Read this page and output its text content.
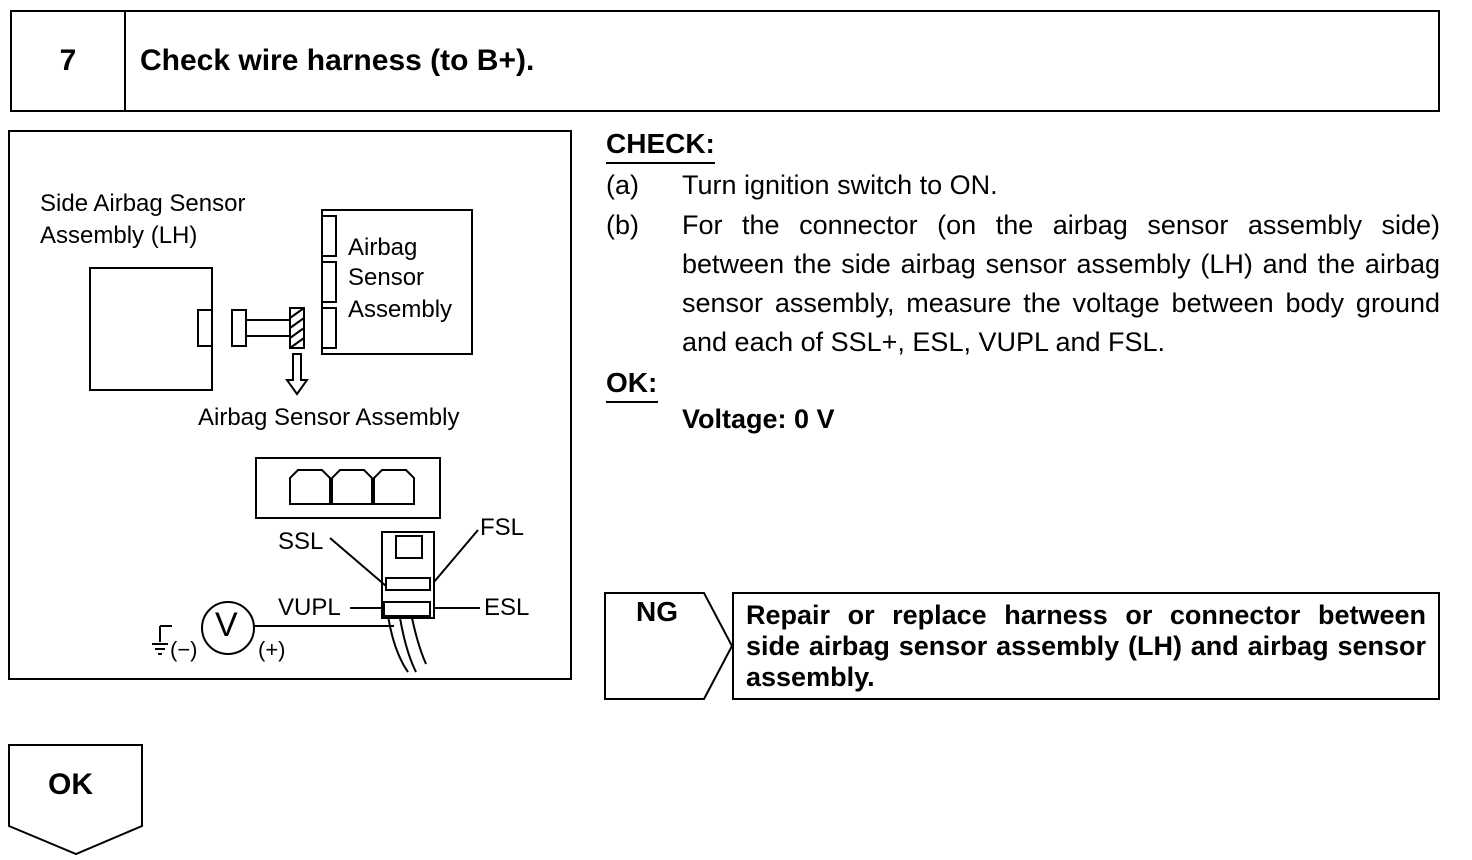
7	Check wire harness (to B+).
Side Airbag Sensor
Assembly (LH)	Airbag
Sensor
Assembly
Airbag Sensor Assembly
SSL
FSL
VUPL	ESL
(−)	(+)
V
CHECK:
(a) Turn ignition switch to ON.
(b) For the connector (on the airbag sensor assembly side) between the side airbag sensor assembly (LH) and the airbag sensor assembly, measure the voltage between body ground and each of SSL+, ESL, VUPL and FSL.
OK:
Voltage: 0 V
NG	Repair or replace harness or connector between side airbag sensor assembly (LH) and airbag sensor assembly.
OK
